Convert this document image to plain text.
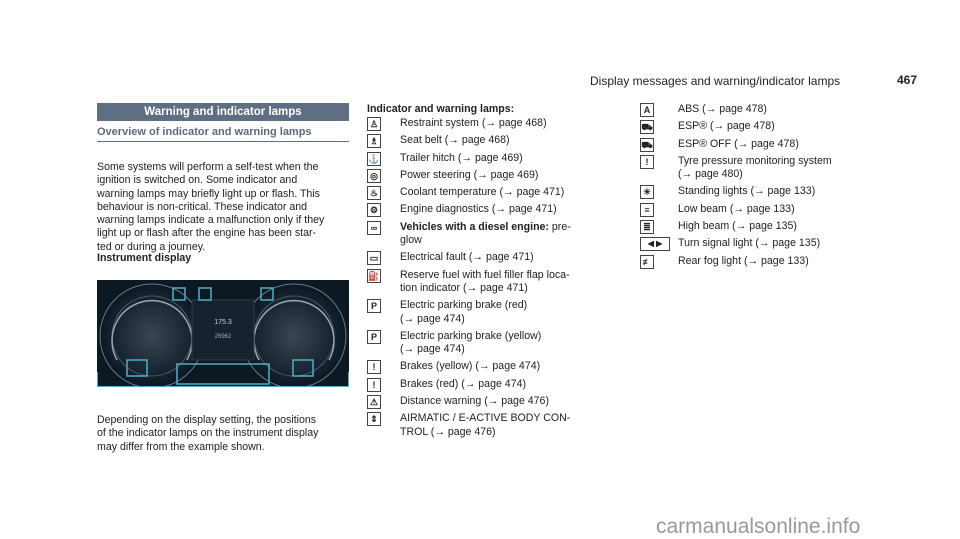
Display messages and warning/indicator lamps	467
Warning and indicator lamps
Overview of indicator and warning lamps
Some systems will perform a self-test when the
ignition is switched on. Some indicator and
warning lamps may briefly light up or flash. This
behaviour is non-critical. These indicator and
warning lamps indicate a malfunction only if they
light up or flash after the engine has been star-
ted or during a journey.
Instrument display
175.3
26962
Depending on the display setting, the positions
of the indicator lamps on the instrument display
may differ from the example shown.
Indicator and warning lamps:
♙ Restraint system (→ page 468)
♗ Seat belt (→ page 468)
⚓ Trailer hitch (→ page 469)
◎ Power steering (→ page 469)
♨ Coolant temperature (→ page 471)
⚙ Engine diagnostics (→ page 471)
∞	Vehicles with a diesel engine: pre-
glow
▭ Electrical fault (→ page 471)
⛽ Reserve fuel with fuel filler flap loca-
tion indicator (→ page 471)
P	Electric parking brake (red)
(→ page 474)
P	Electric parking brake (yellow)
(→ page 474)
!	Brakes (yellow) (→ page 474)
!	Brakes (red) (→ page 474)
⚠ Distance warning (→ page 476)
⇕	AIRMATIC / E-ACTIVE BODY CON-
TROL (→ page 476)
A	ABS (→ page 478)
⛟ ESP® (→ page 478)
⛟ ESP® OFF (→ page 478)
!	Tyre pressure monitoring system
(→ page 480)
☀	Standing lights (→ page 133)
≡	Low beam (→ page 133)
≣	High beam (→ page 135)
◀ ▶	Turn signal light (→ page 135)
≢	Rear fog light (→ page 133)
carmanualsonline.info
